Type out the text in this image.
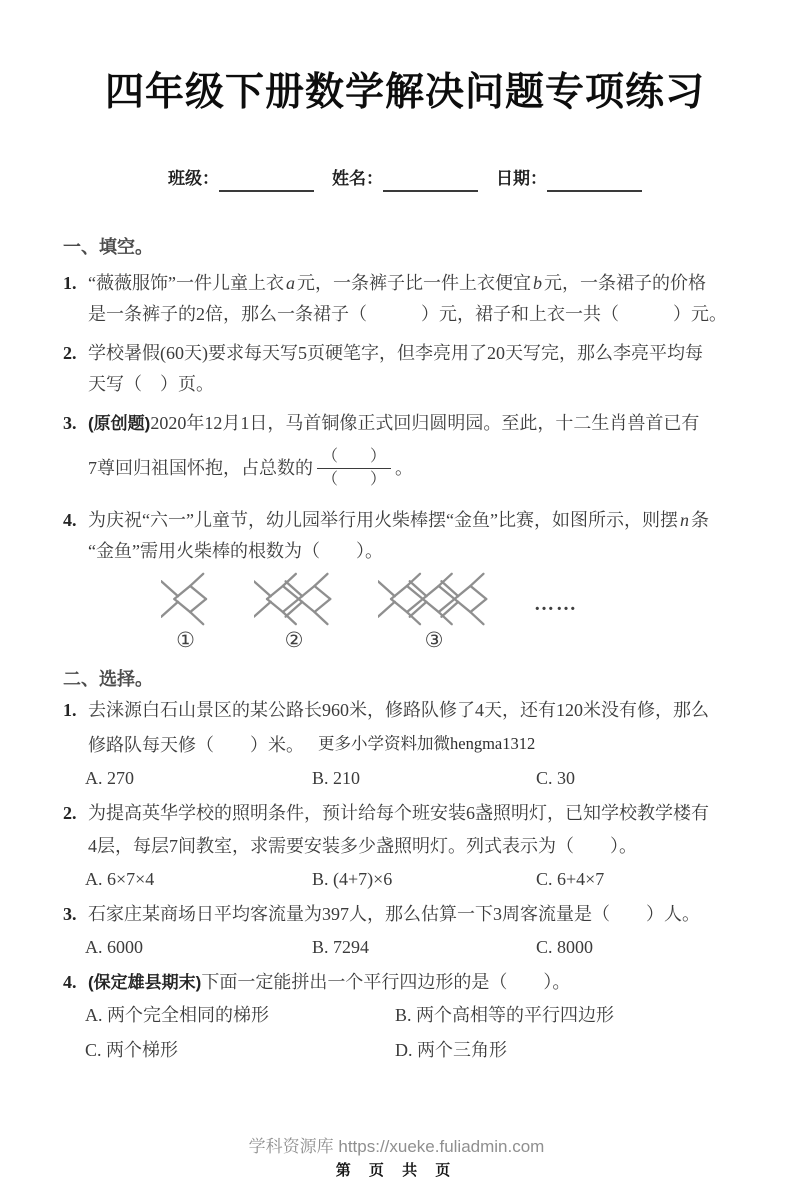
四年级下册数学解决问题专项练习
班级：	姓名：	日期：
一、填空。
1. “薇薇服饰”一件儿童上衣 a 元，一条裤子比一件上衣便宜 b 元，一条裙子的价格
是一条裤子的2倍，那么一条裙子（　　　）元，裙子和上衣一共（　　　）元。
2. 学校暑假(60天)要求每天写5页硬笔字，但李亮用了20天写完，那么李亮平均每
天写（　）页。
3. (原创题)2020年12月1日，马首铜像正式回归圆明园。至此，十二生肖兽首已有
7尊回归祖国怀抱，占总数的 $\frac{( )}{( )}$ 。
4. 为庆祝“六一”儿童节，幼儿园举行用火柴棒摆“金鱼”比赛，如图所示，则摆 n 条
“金鱼”需用火柴棒的根数为（　　）。
①	②	③
……
二、选择。
1. 去涞源白石山景区的某公路长960米，修路队修了4天，还有120米没有修，那么
修路队每天修（　　）米。 更多小学资料加微hengma1312
A. 270	B. 210	C. 30
2. 为提高英华学校的照明条件，预计给每个班安装6盏照明灯，已知学校教学楼有
4层，每层7间教室，求需要安装多少盏照明灯。列式表示为（　　）。
A. 6×7×4	B. (4+7)×6	C. 6+4×7
3. 石家庄某商场日平均客流量为397人，那么估算一下3周客流量是（　　）人。
A. 6000	B. 7294	C. 8000
4. (保定雄县期末)下面一定能拼出一个平行四边形的是（　　）。
A. 两个完全相同的梯形	B. 两个高相等的平行四边形
C. 两个梯形	D. 两个三角形
学科资源库 https://xueke.fuliadmin.com
第 页 共 页
